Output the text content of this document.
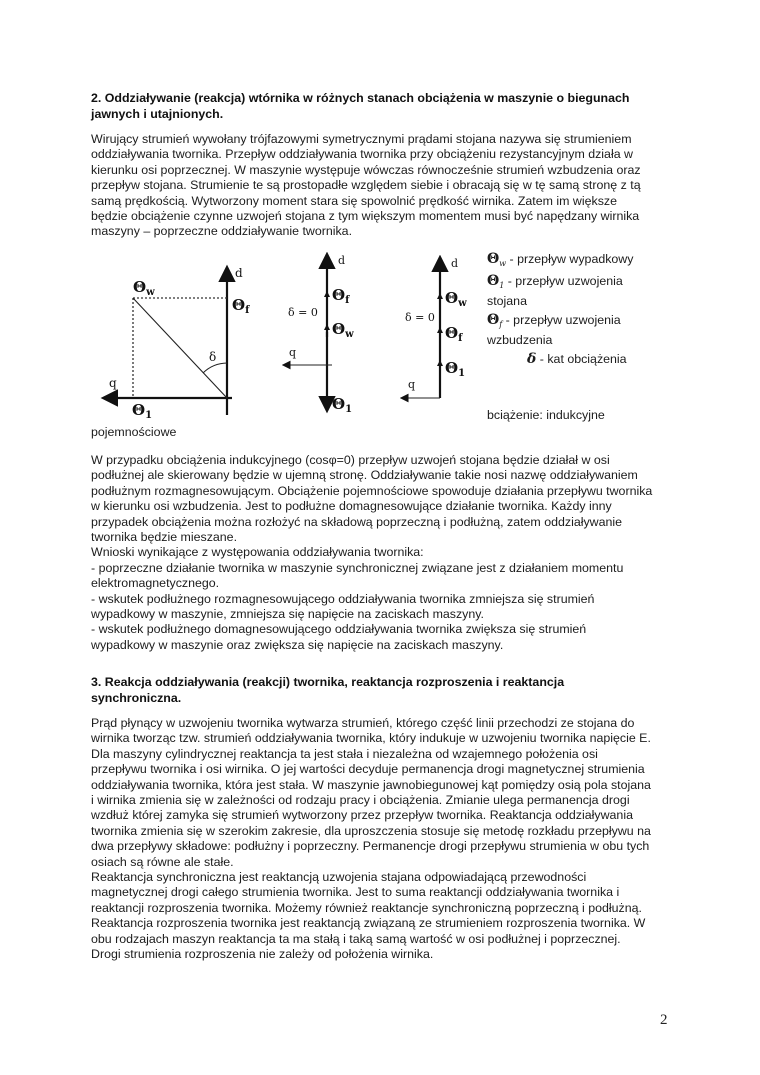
2. Oddziaływanie (reakcja) wtórnika w różnych stanach obciążenia w maszynie o biegunach
jawnych i utajnionych.
Wirujący strumień wywołany trójfazowymi symetrycznymi prądami stojana nazywa się strumieniem
oddziaływania twornika. Przepływ oddziaływania twornika przy obciążeniu rezystancyjnym działa w
kierunku osi poprzecznej. W maszynie występuje wówczas równocześnie strumień wzbudzenia oraz
przepływ stojana. Strumienie te są prostopadłe względem siebie i obracają się w tę samą stronę z tą
samą prędkością. Wytworzony moment stara się spowolnić prędkość wirnika. Zatem im większe
będzie obciążenie czynne uzwojeń stojana z tym większym momentem musi być napędzany wirnika
maszyny – poprzeczne oddziaływanie twornika.
δ
d
q
$\Theta_w$
$\Theta_f$
$\Theta_1$
d
q
δ = 0
$\Theta_f$
$\Theta_w$
$\Theta_1$
d
q
δ = 0
$\Theta_w$
$\Theta_f$
$\Theta_1$
$\Theta_w$ - przepływ wypadkowy
$\Theta_1$ - przepływ uzwojenia
stojana
$\Theta_f$ - przepływ uzwojenia
wzbudzenia
δ - kat obciążenia
bciążenie: indukcyjne
pojemnościowe
W przypadku obciążenia indukcyjnego (cosφ=0) przepływ uzwojeń stojana będzie działał w osi
podłużnej ale skierowany będzie w ujemną stronę. Oddziaływanie takie nosi nazwę oddziaływaniem
podłużnym rozmagnesowującym. Obciążenie pojemnościowe spowoduje działania przepływu twornika
w kierunku osi wzbudzenia. Jest to podłużne domagnesowujące działanie twornika. Każdy inny
przypadek obciążenia można rozłożyć na składową poprzeczną i podłużną, zatem oddziaływanie
twornika będzie mieszane.
Wnioski wynikające z występowania oddziaływania twornika:
- poprzeczne działanie twornika w maszynie synchronicznej związane jest z działaniem momentu
elektromagnetycznego.
- wskutek podłużnego rozmagnesowującego oddziaływania twornika zmniejsza się strumień
wypadkowy w maszynie, zmniejsza się napięcie na zaciskach maszyny.
- wskutek podłużnego domagnesowującego oddziaływania twornika zwiększa się strumień
wypadkowy w maszynie oraz zwiększa się napięcie na zaciskach maszyny.
3. Reakcja oddziaływania (reakcji) twornika, reaktancja rozproszenia i reaktancja
synchroniczna.
Prąd płynący w uzwojeniu twornika wytwarza strumień, którego część linii przechodzi ze stojana do
wirnika tworząc tzw. strumień oddziaływania twornika, który indukuje w uzwojeniu twornika napięcie E.
Dla maszyny cylindrycznej reaktancja ta jest stała i niezależna od wzajemnego położenia osi
przepływu twornika i osi wirnika. O jej wartości decyduje permanencja drogi magnetycznej strumienia
oddziaływania twornika, która jest stała. W maszynie jawnobiegunowej kąt pomiędzy osią pola stojana
i wirnika zmienia się w zależności od rodzaju pracy i obciążenia. Zmianie ulega permanencja drogi
wzdłuż której zamyka się strumień wytworzony przez przepływ twornika. Reaktancja oddziaływania
twornika zmienia się w szerokim zakresie, dla uproszczenia stosuje się metodę rozkładu przepływu na
dwa przepływy składowe: podłużny i poprzeczny. Permanencje drogi przepływu strumienia w obu tych
osiach są równe ale stałe.
Reaktancja synchroniczna jest reaktancją uzwojenia stajana odpowiadającą przewodności
magnetycznej drogi całego strumienia twornika. Jest to suma reaktancji oddziaływania twornika i
reaktancji rozproszenia twornika. Możemy również reaktancje synchroniczną poprzeczną i podłużną.
Reaktancja rozproszenia twornika jest reaktancją związaną ze strumieniem rozproszenia twornika. W
obu rodzajach maszyn reaktancja ta ma stałą i taką samą wartość w osi podłużnej i poprzecznej.
Drogi strumienia rozproszenia nie zależy od położenia wirnika.
2
